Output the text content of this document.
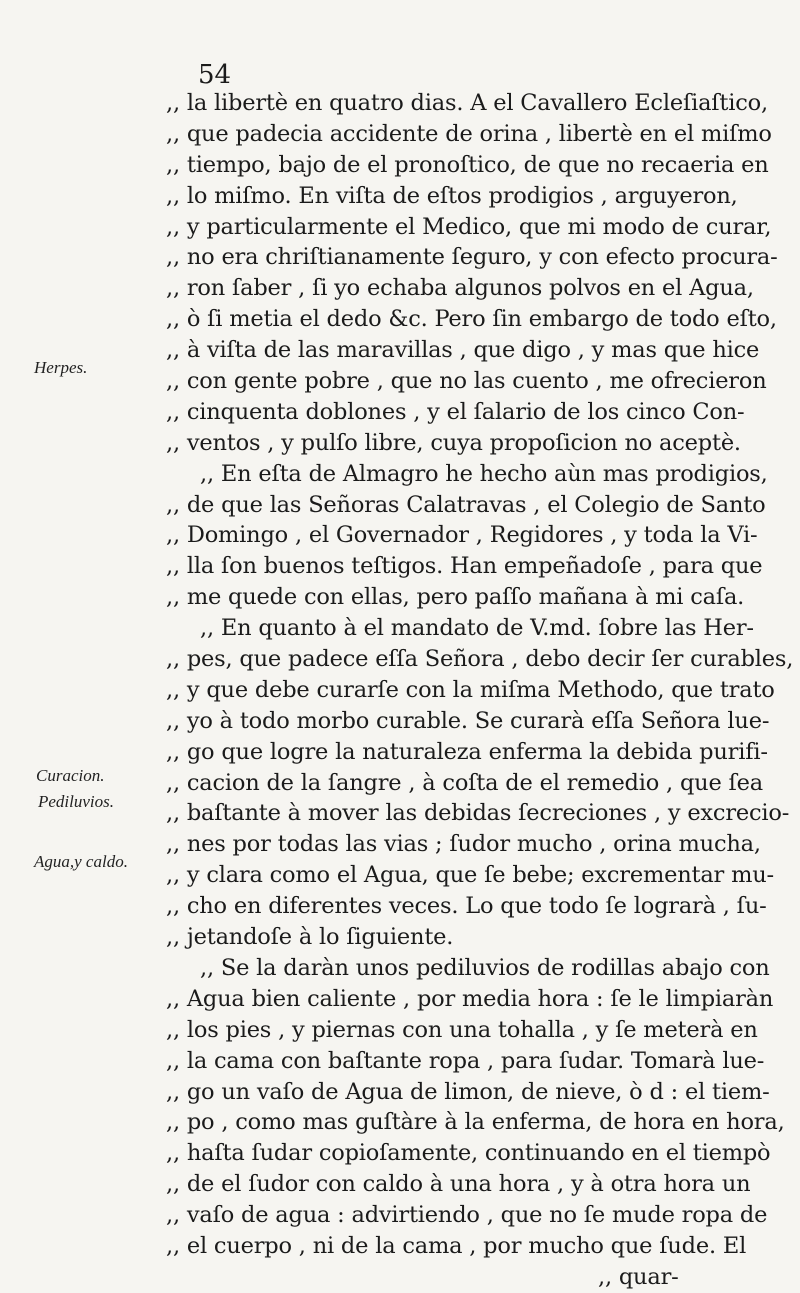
54
Herpes.
Curacion.
Pediluvios.
Agua,y caldo.
,, la libertè en quatro dias. A el Cavallero Ecleſiaſtico,
,, que padecia accidente de orina , libertè en el miſmo
,, tiempo, bajo de el pronoſtico, de que no recaeria en
,, lo miſmo. En viſta de eſtos prodigios , arguyeron,
,, y particularmente el Medico, que mi modo de curar,
,, no era chriſtianamente ſeguro, y con efecto procura-
,, ron ſaber , ſi yo echaba algunos polvos en el Agua,
,, ò ſi metia el dedo &c. Pero ſin embargo de todo eſto,
,, à viſta de las maravillas , que digo , y mas que hice
,, con gente pobre , que no las cuento , me ofrecieron
,, cinquenta doblones , y el ſalario de los cinco Con-
,, ventos , y pulſo libre, cuya propoſicion no aceptè.
,, En eſta de Almagro he hecho aùn mas prodigios,
,, de que las Señoras Calatravas , el Colegio de Santo
,, Domingo , el Governador , Regidores , y toda la Vi-
,, lla ſon buenos teſtigos. Han empeñadoſe , para que
,, me quede con ellas, pero paſſo mañana à mi caſa.
,, En quanto à el mandato de V.md. ſobre las Her-
,, pes, que padece eſſa Señora , debo decir ſer curables,
,, y que debe curarſe con la miſma Methodo, que trato
,, yo à todo morbo curable. Se curarà eſſa Señora lue-
,, go que logre la naturaleza enferma la debida purifi-
,, cacion de la ſangre , à coſta de el remedio , que ſea
,, baſtante à mover las debidas ſecreciones , y excrecio-
,, nes por todas las vias ; ſudor mucho , orina mucha,
,, y clara como el Agua, que ſe bebe; excrementar mu-
,, cho en diferentes veces. Lo que todo ſe lograrà , ſu-
,, jetandoſe à lo ſiguiente.
,, Se la daràn unos pediluvios de rodillas abajo con
,, Agua bien caliente , por media hora : ſe le limpiaràn
,, los pies , y piernas con una tohalla , y ſe meterà en
,, la cama con baſtante ropa , para ſudar. Tomarà lue-
,, go un vaſo de Agua de limon, de nieve, ò d : el tiem-
,, po , como mas guſtàre à la enferma, de hora en hora,
,, haſta ſudar copioſamente, continuando en el tiempò
,, de el ſudor con caldo à una hora , y à otra hora un
,, vaſo de agua : advirtiendo , que no ſe mude ropa de
,, el cuerpo , ni de la cama , por mucho que ſude. El
,, quar-
